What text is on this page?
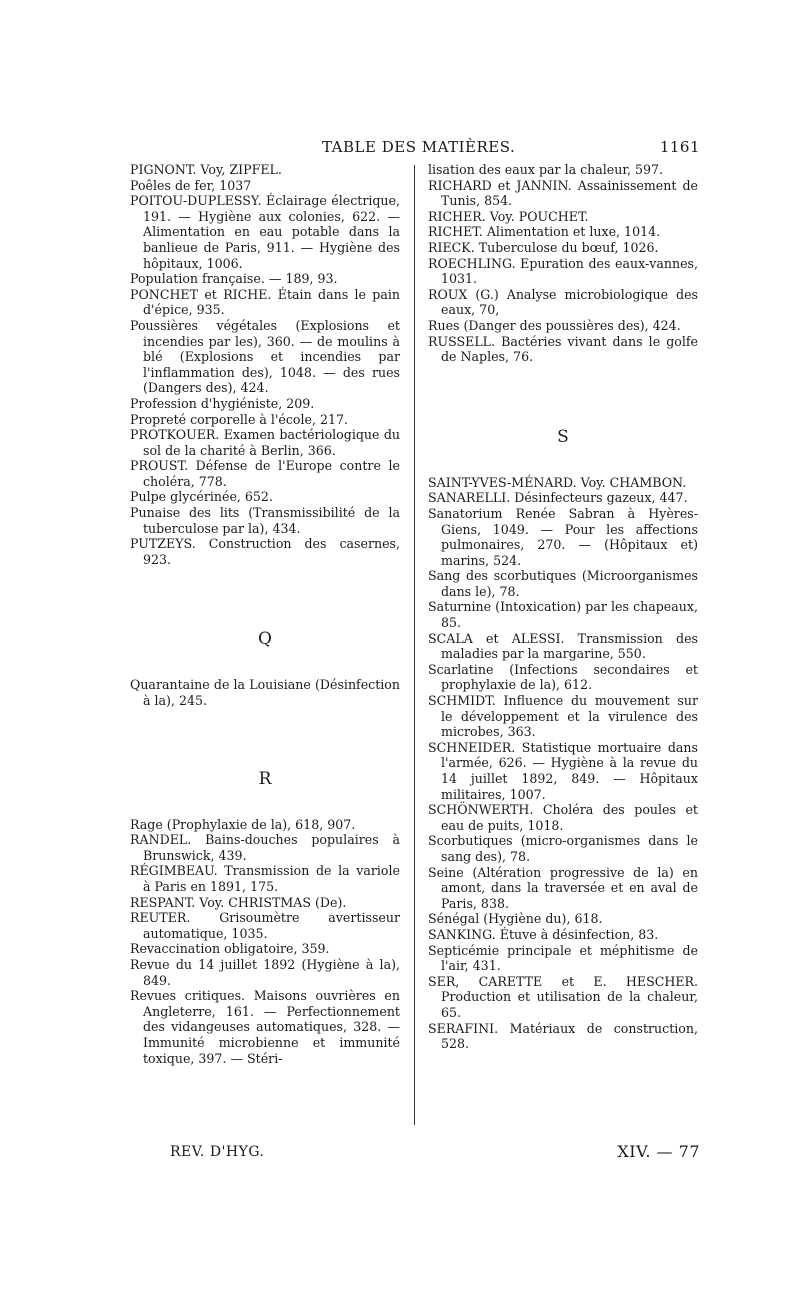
TABLE DES MATIÈRES.	1161

PIGNONT. Voy, ZIPFEL.

Poêles de fer, 1037

POITOU-DUPLESSY. Éclairage électrique, 191. — Hygiène aux colonies, 622. — Alimentation en eau potable dans la banlieue de Paris, 911. — Hygiène des hôpitaux, 1006.

Population française. — 189, 93.

PONCHET et RICHE. Étain dans le pain d'épice, 935.

Poussières végétales (Explosions et incendies par les), 360. — de moulins à blé (Explosions et incendies par l'inflammation des), 1048. — des rues (Dangers des), 424.

Profession d'hygiéniste, 209.

Propreté corporelle à l'école, 217.

PROTKOUER. Examen bactériologique du sol de la charité à Berlin, 366.

PROUST. Défense de l'Europe contre le choléra, 778.

Pulpe glycérinée, 652.

Punaise des lits (Transmissibilité de la tuberculose par la), 434.

PUTZEYS. Construction des casernes, 923.

Q

Quarantaine de la Louisiane (Désinfection à la), 245.

R

Rage (Prophylaxie de la), 618, 907.

RANDEL. Bains-douches populaires à Brunswick, 439.

RÉGIMBEAU. Transmission de la variole à Paris en 1891, 175.

RESPANT. Voy. CHRISTMAS (De).

REUTER. Grisoumètre avertisseur automatique, 1035.

Revaccination obligatoire, 359.

Revue du 14 juillet 1892 (Hygiène à la), 849.

Revues critiques. Maisons ouvrières en Angleterre, 161. — Perfectionnement des vidangeuses automatiques, 328. — Immunité microbienne et immunité toxique, 397. — Stéri-

lisation des eaux par la chaleur, 597.

RICHARD et JANNIN. Assainissement de Tunis, 854.

RICHER. Voy. POUCHET.

RICHET. Alimentation et luxe, 1014.

RIECK. Tuberculose du bœuf, 1026.

ROECHLING. Epuration des eaux-vannes, 1031.

ROUX (G.) Analyse microbiologique des eaux, 70,

Rues (Danger des poussières des), 424.

RUSSELL. Bactéries vivant dans le golfe de Naples, 76.

S

SAINT-YVES-MÉNARD. Voy. CHAMBON.

SANARELLI. Désinfecteurs gazeux, 447.

Sanatorium Renée Sabran à Hyères-Giens, 1049. — Pour les affections pulmonaires, 270. — (Hôpitaux et) marins, 524.

Sang des scorbutiques (Microorganismes dans le), 78.

Saturnine (Intoxication) par les chapeaux, 85.

SCALA et ALESSI. Transmission des maladies par la margarine, 550.

Scarlatine (Infections secondaires et prophylaxie de la), 612.

SCHMIDT. Influence du mouvement sur le développement et la virulence des microbes, 363.

SCHNEIDER. Statistique mortuaire dans l'armée, 626. — Hygiène à la revue du 14 juillet 1892, 849. — Hôpitaux militaires, 1007.

SCHÖNWERTH. Choléra des poules et eau de puits, 1018.

Scorbutiques (micro-organismes dans le sang des), 78.

Seine (Altération progressive de la) en amont, dans la traversée et en aval de Paris, 838.

Sénégal (Hygiène du), 618.

SANKING. Étuve à désinfection, 83.

Septicémie principale et méphitisme de l'air, 431.

SER, CARETTE et E. HESCHER. Production et utilisation de la chaleur, 65.

SERAFINI. Matériaux de construction, 528.

REV. D'HYG.	XIV. — 77
